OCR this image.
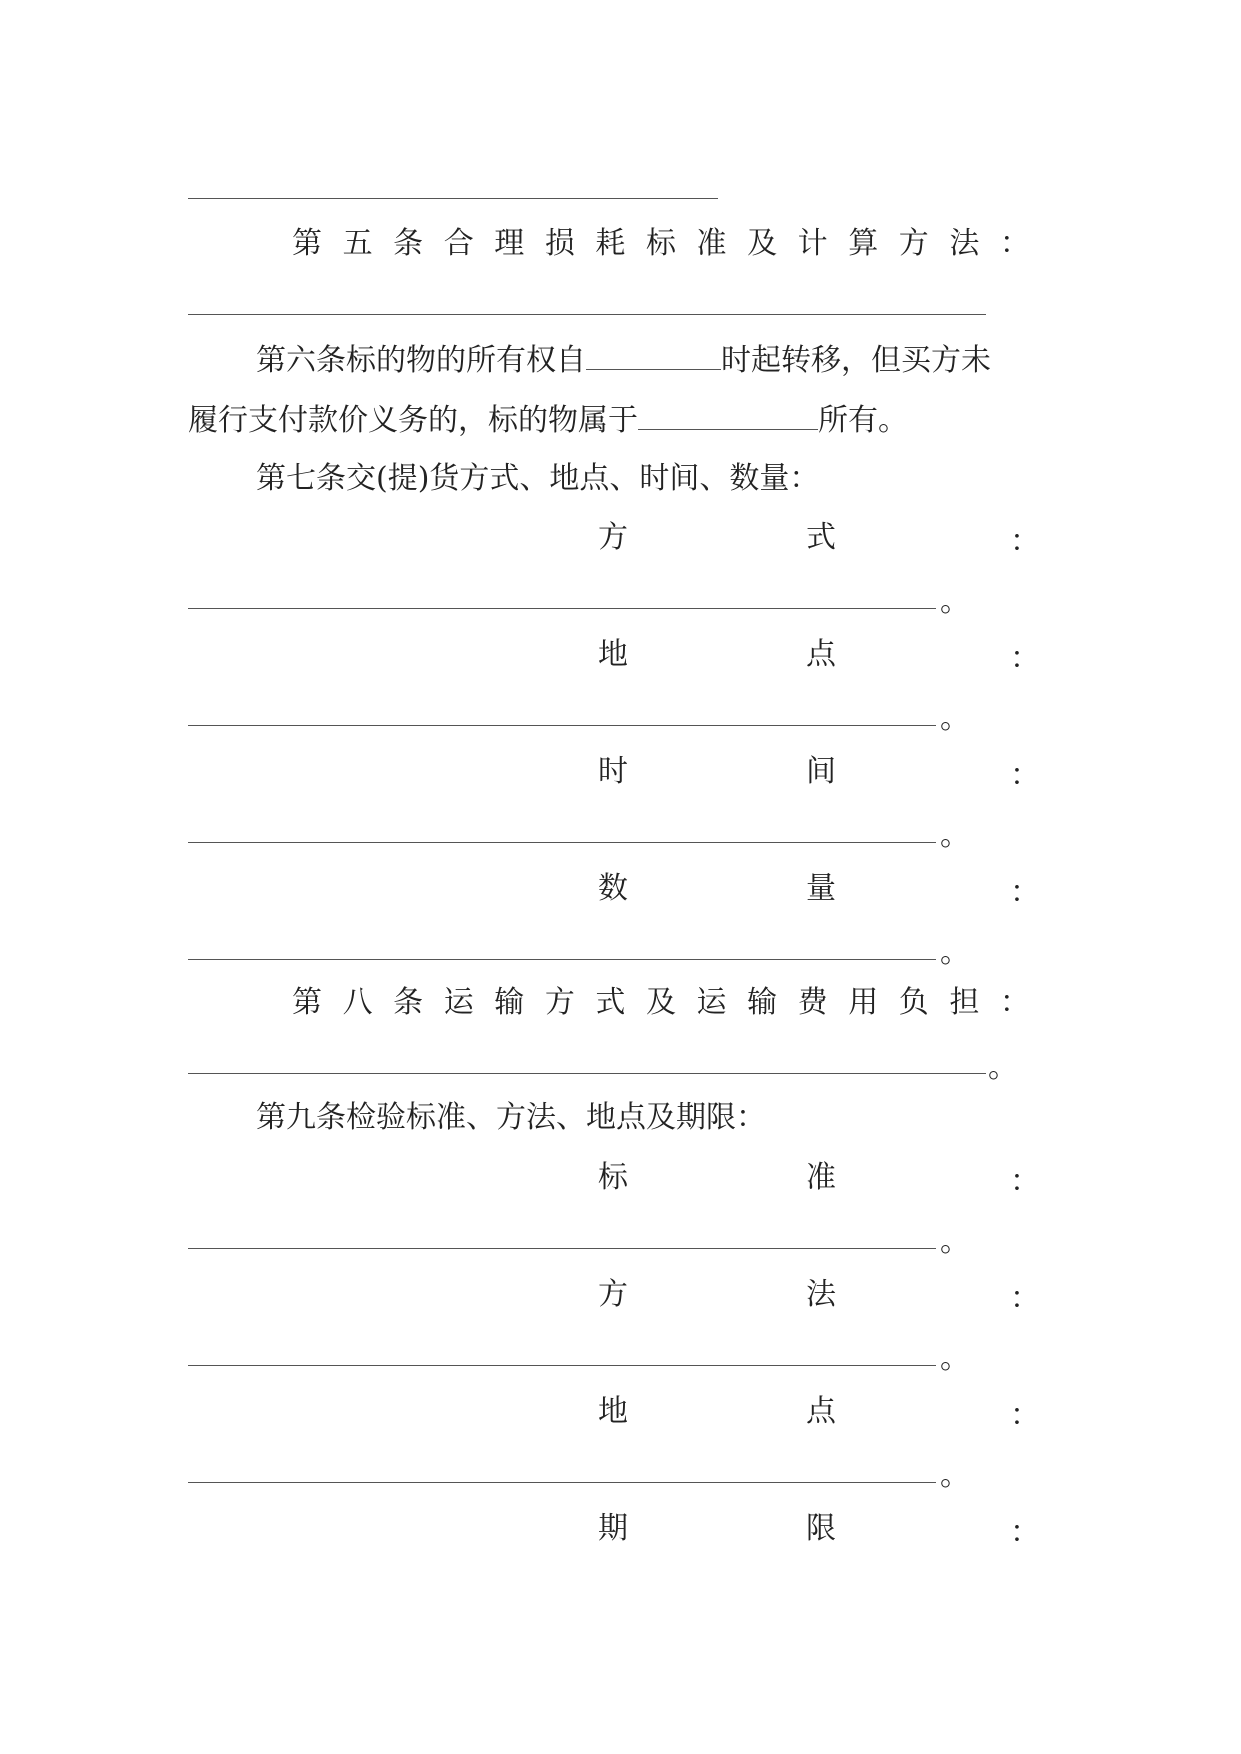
第 五 条 合 理 损 耗 标 准 及 计 算 方 法 ：
第六条标的物的所有权自	时起转移，但买方未
履行支付款价义务的，标的物属于	所有。
第七条交(提)货方式、地点、时间、数量：
方	式	：
。
地	点	：
。
时	间	：
。
数	量	：
。
第 八 条 运 输 方 式 及 运 输 费 用 负 担 ：
。
第九条检验标准、方法、地点及期限：
标	准	：
。
方	法	：
。
地	点	：
。
期	限	：
